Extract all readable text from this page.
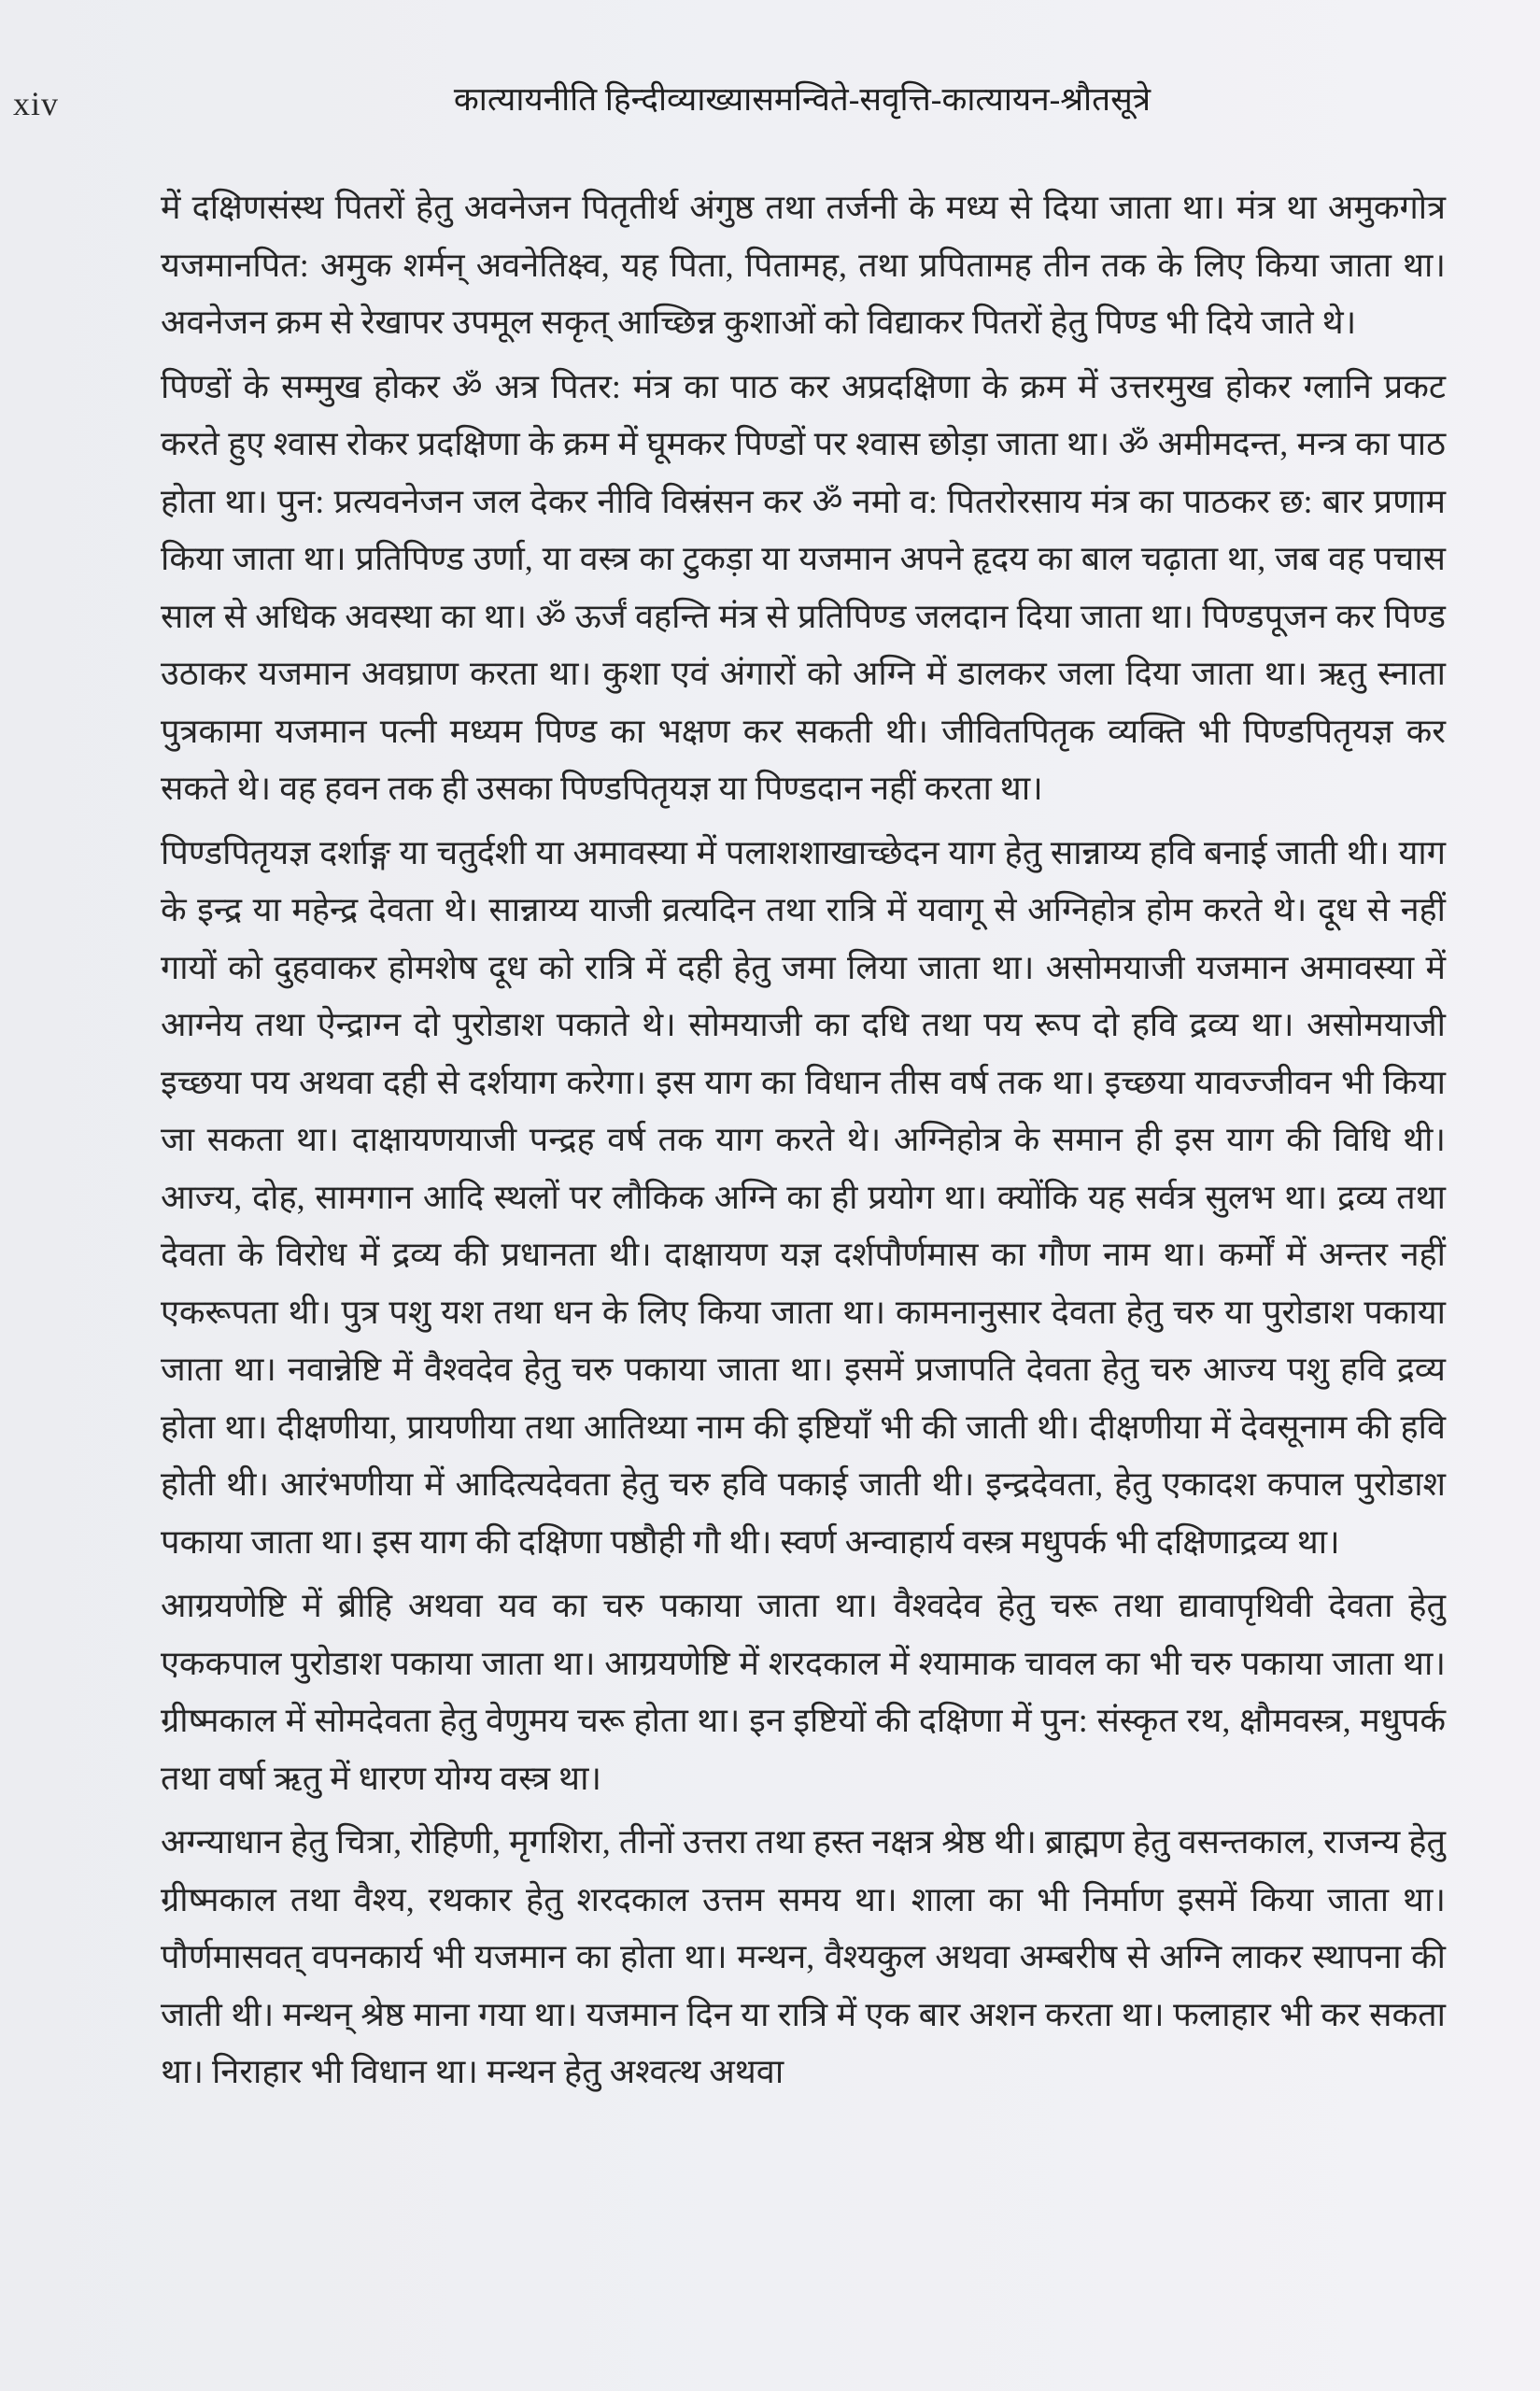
xiv	कात्यायनीति हिन्दीव्याख्यासमन्विते-सवृत्ति-कात्यायन-श्रौतसूत्रे

में दक्षिणसंस्थ पितरों हेतु अवनेजन पितृतीर्थ अंगुष्ठ तथा तर्जनी के मध्य से दिया जाता था। मंत्र था अमुकगोत्र यजमानपित: अमुक शर्मन् अवनेतिक्ष्व, यह पिता, पितामह, तथा प्रपितामह तीन तक के लिए किया जाता था। अवनेजन क्रम से रेखापर उपमूल सकृत् आच्छिन्न कुशाओं को विद्याकर पितरों हेतु पिण्ड भी दिये जाते थे।

पिण्डों के सम्मुख होकर ॐ अत्र पितर: मंत्र का पाठ कर अप्रदक्षिणा के क्रम में उत्तरमुख होकर ग्लानि प्रकट करते हुए श्वास रोकर प्रदक्षिणा के क्रम में घूमकर पिण्डों पर श्वास छोड़ा जाता था। ॐ अमीमदन्त, मन्त्र का पाठ होता था। पुन: प्रत्यवनेजन जल देकर नीवि विस्रंसन कर ॐ नमो व: पितरोरसाय मंत्र का पाठकर छ: बार प्रणाम किया जाता था। प्रतिपिण्ड उर्णा, या वस्त्र का टुकड़ा या यजमान अपने हृदय का बाल चढ़ाता था, जब वह पचास साल से अधिक अवस्था का था। ॐ ऊर्जं वहन्ति मंत्र से प्रतिपिण्ड जलदान दिया जाता था। पिण्डपूजन कर पिण्ड उठाकर यजमान अवघ्राण करता था। कुशा एवं अंगारों को अग्नि में डालकर जला दिया जाता था। ऋतु स्नाता पुत्रकामा यजमान पत्नी मध्यम पिण्ड का भक्षण कर सकती थी। जीवितपितृक व्यक्ति भी पिण्डपितृयज्ञ कर सकते थे। वह हवन तक ही उसका पिण्डपितृयज्ञ या पिण्डदान नहीं करता था।

पिण्डपितृयज्ञ दर्शाङ्ग या चतुर्दशी या अमावस्या में पलाशशाखाच्छेदन याग हेतु सान्नाय्य हवि बनाई जाती थी। याग के इन्द्र या महेन्द्र देवता थे। सान्नाय्य याजी व्रत्यदिन तथा रात्रि में यवागू से अग्निहोत्र होम करते थे। दूध से नहीं गायों को दुहवाकर होमशेष दूध को रात्रि में दही हेतु जमा लिया जाता था। असोमयाजी यजमान अमावस्या में आग्नेय तथा ऐन्द्राग्न दो पुरोडाश पकाते थे। सोमयाजी का दधि तथा पय रूप दो हवि द्रव्य था। असोमयाजी इच्छया पय अथवा दही से दर्शयाग करेगा। इस याग का विधान तीस वर्ष तक था। इच्छया यावज्जीवन भी किया जा सकता था। दाक्षायणयाजी पन्द्रह वर्ष तक याग करते थे। अग्निहोत्र के समान ही इस याग की विधि थी। आज्य, दोह, सामगान आदि स्थलों पर लौकिक अग्नि का ही प्रयोग था। क्योंकि यह सर्वत्र सुलभ था। द्रव्य तथा देवता के विरोध में द्रव्य की प्रधानता थी। दाक्षायण यज्ञ दर्शपौर्णमास का गौण नाम था। कर्मों में अन्तर नहीं एकरूपता थी। पुत्र पशु यश तथा धन के लिए किया जाता था। कामनानुसार देवता हेतु चरु या पुरोडाश पकाया जाता था। नवान्नेष्टि में वैश्वदेव हेतु चरु पकाया जाता था। इसमें प्रजापति देवता हेतु चरु आज्य पशु हवि द्रव्य होता था। दीक्षणीया, प्रायणीया तथा आतिथ्या नाम की इष्टियाँ भी की जाती थी। दीक्षणीया में देवसूनाम की हवि होती थी। आरंभणीया में आदित्यदेवता हेतु चरु हवि पकाई जाती थी। इन्द्रदेवता, हेतु एकादश कपाल पुरोडाश पकाया जाता था। इस याग की दक्षिणा पष्ठौही गौ थी। स्वर्ण अन्वाहार्य वस्त्र मधुपर्क भी दक्षिणाद्रव्य था।

आग्रयणेष्टि में ब्रीहि अथवा यव का चरु पकाया जाता था। वैश्वदेव हेतु चरू तथा द्यावापृथिवी देवता हेतु एककपाल पुरोडाश पकाया जाता था। आग्रयणेष्टि में शरदकाल में श्यामाक चावल का भी चरु पकाया जाता था। ग्रीष्मकाल में सोमदेवता हेतु वेणुमय चरू होता था। इन इष्टियों की दक्षिणा में पुन: संस्कृत रथ, क्षौमवस्त्र, मधुपर्क तथा वर्षा ऋतु में धारण योग्य वस्त्र था।

अग्न्याधान हेतु चित्रा, रोहिणी, मृगशिरा, तीनों उत्तरा तथा हस्त नक्षत्र श्रेष्ठ थी। ब्राह्मण हेतु वसन्तकाल, राजन्य हेतु ग्रीष्मकाल तथा वैश्य, रथकार हेतु शरदकाल उत्तम समय था। शाला का भी निर्माण इसमें किया जाता था। पौर्णमासवत् वपनकार्य भी यजमान का होता था। मन्थन, वैश्यकुल अथवा अम्बरीष से अग्नि लाकर स्थापना की जाती थी। मन्थन् श्रेष्ठ माना गया था। यजमान दिन या रात्रि में एक बार अशन करता था। फलाहार भी कर सकता था। निराहार भी विधान था। मन्थन हेतु अश्वत्थ अथवा
